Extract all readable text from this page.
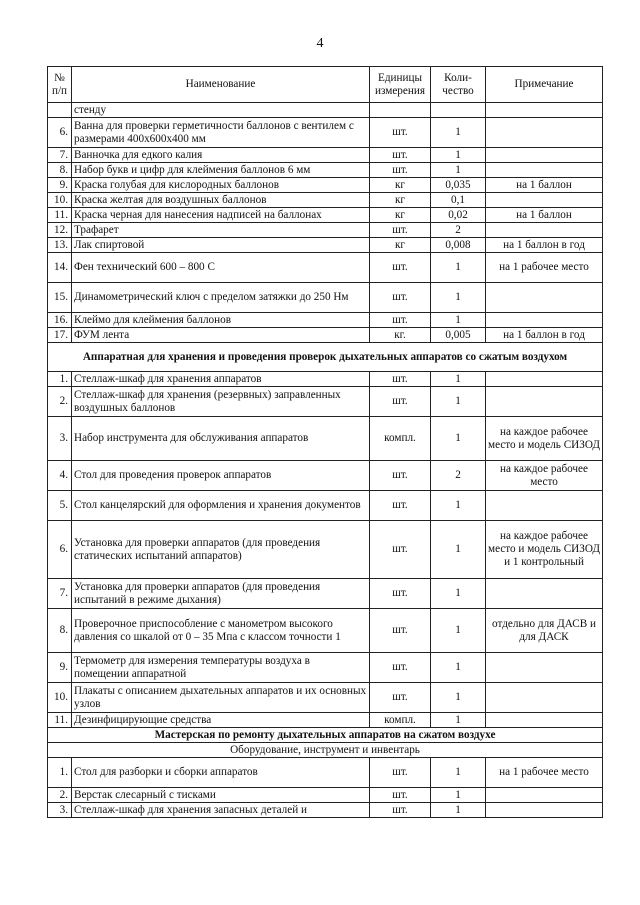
4
№ п/п	Наименование	Единицы измерения	Коли-чество	Примечание
	стенду			
6.	Ванна для проверки герметичности баллонов с вентилем с размерами 400х600х400 мм	шт.	1	
7.	Ванночка для едкого калия	шт.	1	
8.	Набор букв и цифр для клеймения баллонов 6 мм	шт.	1	
9.	Краска голубая для кислородных баллонов	кг	0,035	на 1 баллон
10.	Краска желтая для воздушных баллонов	кг	0,1	
11.	Краска черная для нанесения надписей на баллонах	кг	0,02	на 1 баллон
12.	Трафарет	шт.	2	
13.	Лак спиртовой	кг	0,008	на 1 баллон в год
14.	Фен технический 600 – 800 С	шт.	1	на 1 рабочее место
15.	Динамометрический ключ с пределом затяжки до 250 Нм	шт.	1	
16.	Клеймо для клеймения баллонов	шт.	1	
17.	ФУМ лента	кг.	0,005	на 1 баллон в год
Аппаратная для хранения и проведения проверок дыхательных аппаратов со сжатым воздухом				
1.	Стеллаж-шкаф для хранения аппаратов	шт.	1	
2.	Стеллаж-шкаф для хранения (резервных) заправленных воздушных баллонов	шт.	1	
3.	Набор инструмента для обслуживания аппаратов	компл.	1	на каждое рабочее место и модель СИЗОД
4.	Стол для проведения проверок аппаратов	шт.	2	на каждое рабочее место
5.	Стол канцелярский для оформления и хранения документов	шт.	1	
6.	Установка для проверки аппаратов (для проведения статических испытаний аппаратов)	шт.	1	на каждое рабочее место и модель СИЗОД и 1 контрольный
7.	Установка для проверки аппаратов (для проведения испытаний в режиме дыхания)	шт.	1	
8.	Проверочное приспособление с манометром высокого давления со шкалой от 0 – 35 Мпа с классом точности 1	шт.	1	отдельно для ДАСВ и для ДАСК
9.	Термометр для измерения температуры воздуха в помещении аппаратной	шт.	1	
10.	Плакаты с описанием дыхательных аппаратов и их основных узлов	шт.	1	
11.	Дезинфицирующие средства	компл.	1	
Мастерская по ремонту дыхательных аппаратов на сжатом воздухе				
Оборудование, инструмент и инвентарь				
1.	Стол для разборки и сборки аппаратов	шт.	1	на 1 рабочее место
2.	Верстак слесарный с тисками	шт.	1	
3.	Стеллаж-шкаф для хранения запасных деталей и	шт.	1	
